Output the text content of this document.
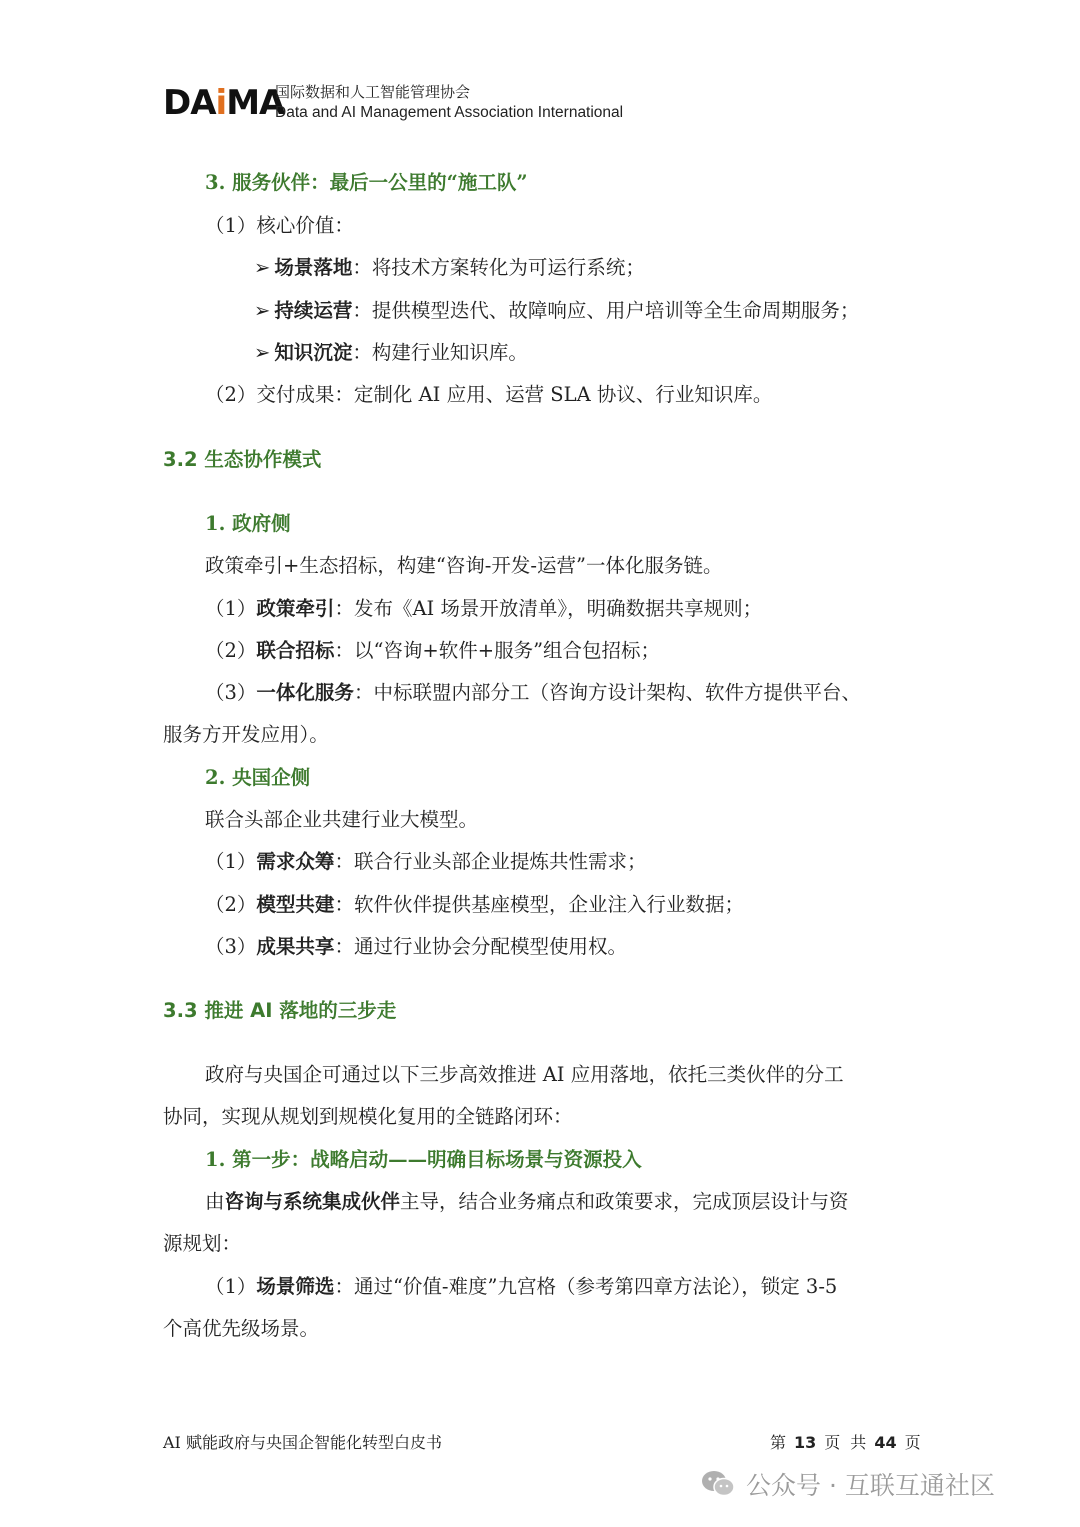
DAiMA
国际数据和人工智能管理协会
Data and AI Management Association International
3. 服务伙伴：最后一公里的“施工队”
（1）核心价值：
➢ 场景落地：将技术方案转化为可运行系统；
➢ 持续运营：提供模型迭代、故障响应、用户培训等全生命周期服务；
➢ 知识沉淀：构建行业知识库。
（2）交付成果：定制化 AI 应用、运营 SLA 协议、行业知识库。
3.2 生态协作模式
1. 政府侧
政策牵引+生态招标，构建“咨询-开发-运营”一体化服务链。
（1）政策牵引：发布《AI 场景开放清单》，明确数据共享规则；
（2）联合招标：以“咨询+软件+服务”组合包招标；
（3）一体化服务：中标联盟内部分工（咨询方设计架构、软件方提供平台、
服务方开发应用）。
2. 央国企侧
联合头部企业共建行业大模型。
（1）需求众筹：联合行业头部企业提炼共性需求；
（2）模型共建：软件伙伴提供基座模型，企业注入行业数据；
（3）成果共享：通过行业协会分配模型使用权。
3.3 推进 AI 落地的三步走
政府与央国企可通过以下三步高效推进 AI 应用落地，依托三类伙伴的分工
协同，实现从规划到规模化复用的全链路闭环：
1. 第一步：战略启动——明确目标场景与资源投入
由咨询与系统集成伙伴主导，结合业务痛点和政策要求，完成顶层设计与资
源规划：
（1）场景筛选：通过“价值-难度”九宫格（参考第四章方法论），锁定 3-5
个高优先级场景。
AI 赋能政府与央国企智能化转型白皮书	第 13 页 共 44 页
公众号 · 互联互通社区
